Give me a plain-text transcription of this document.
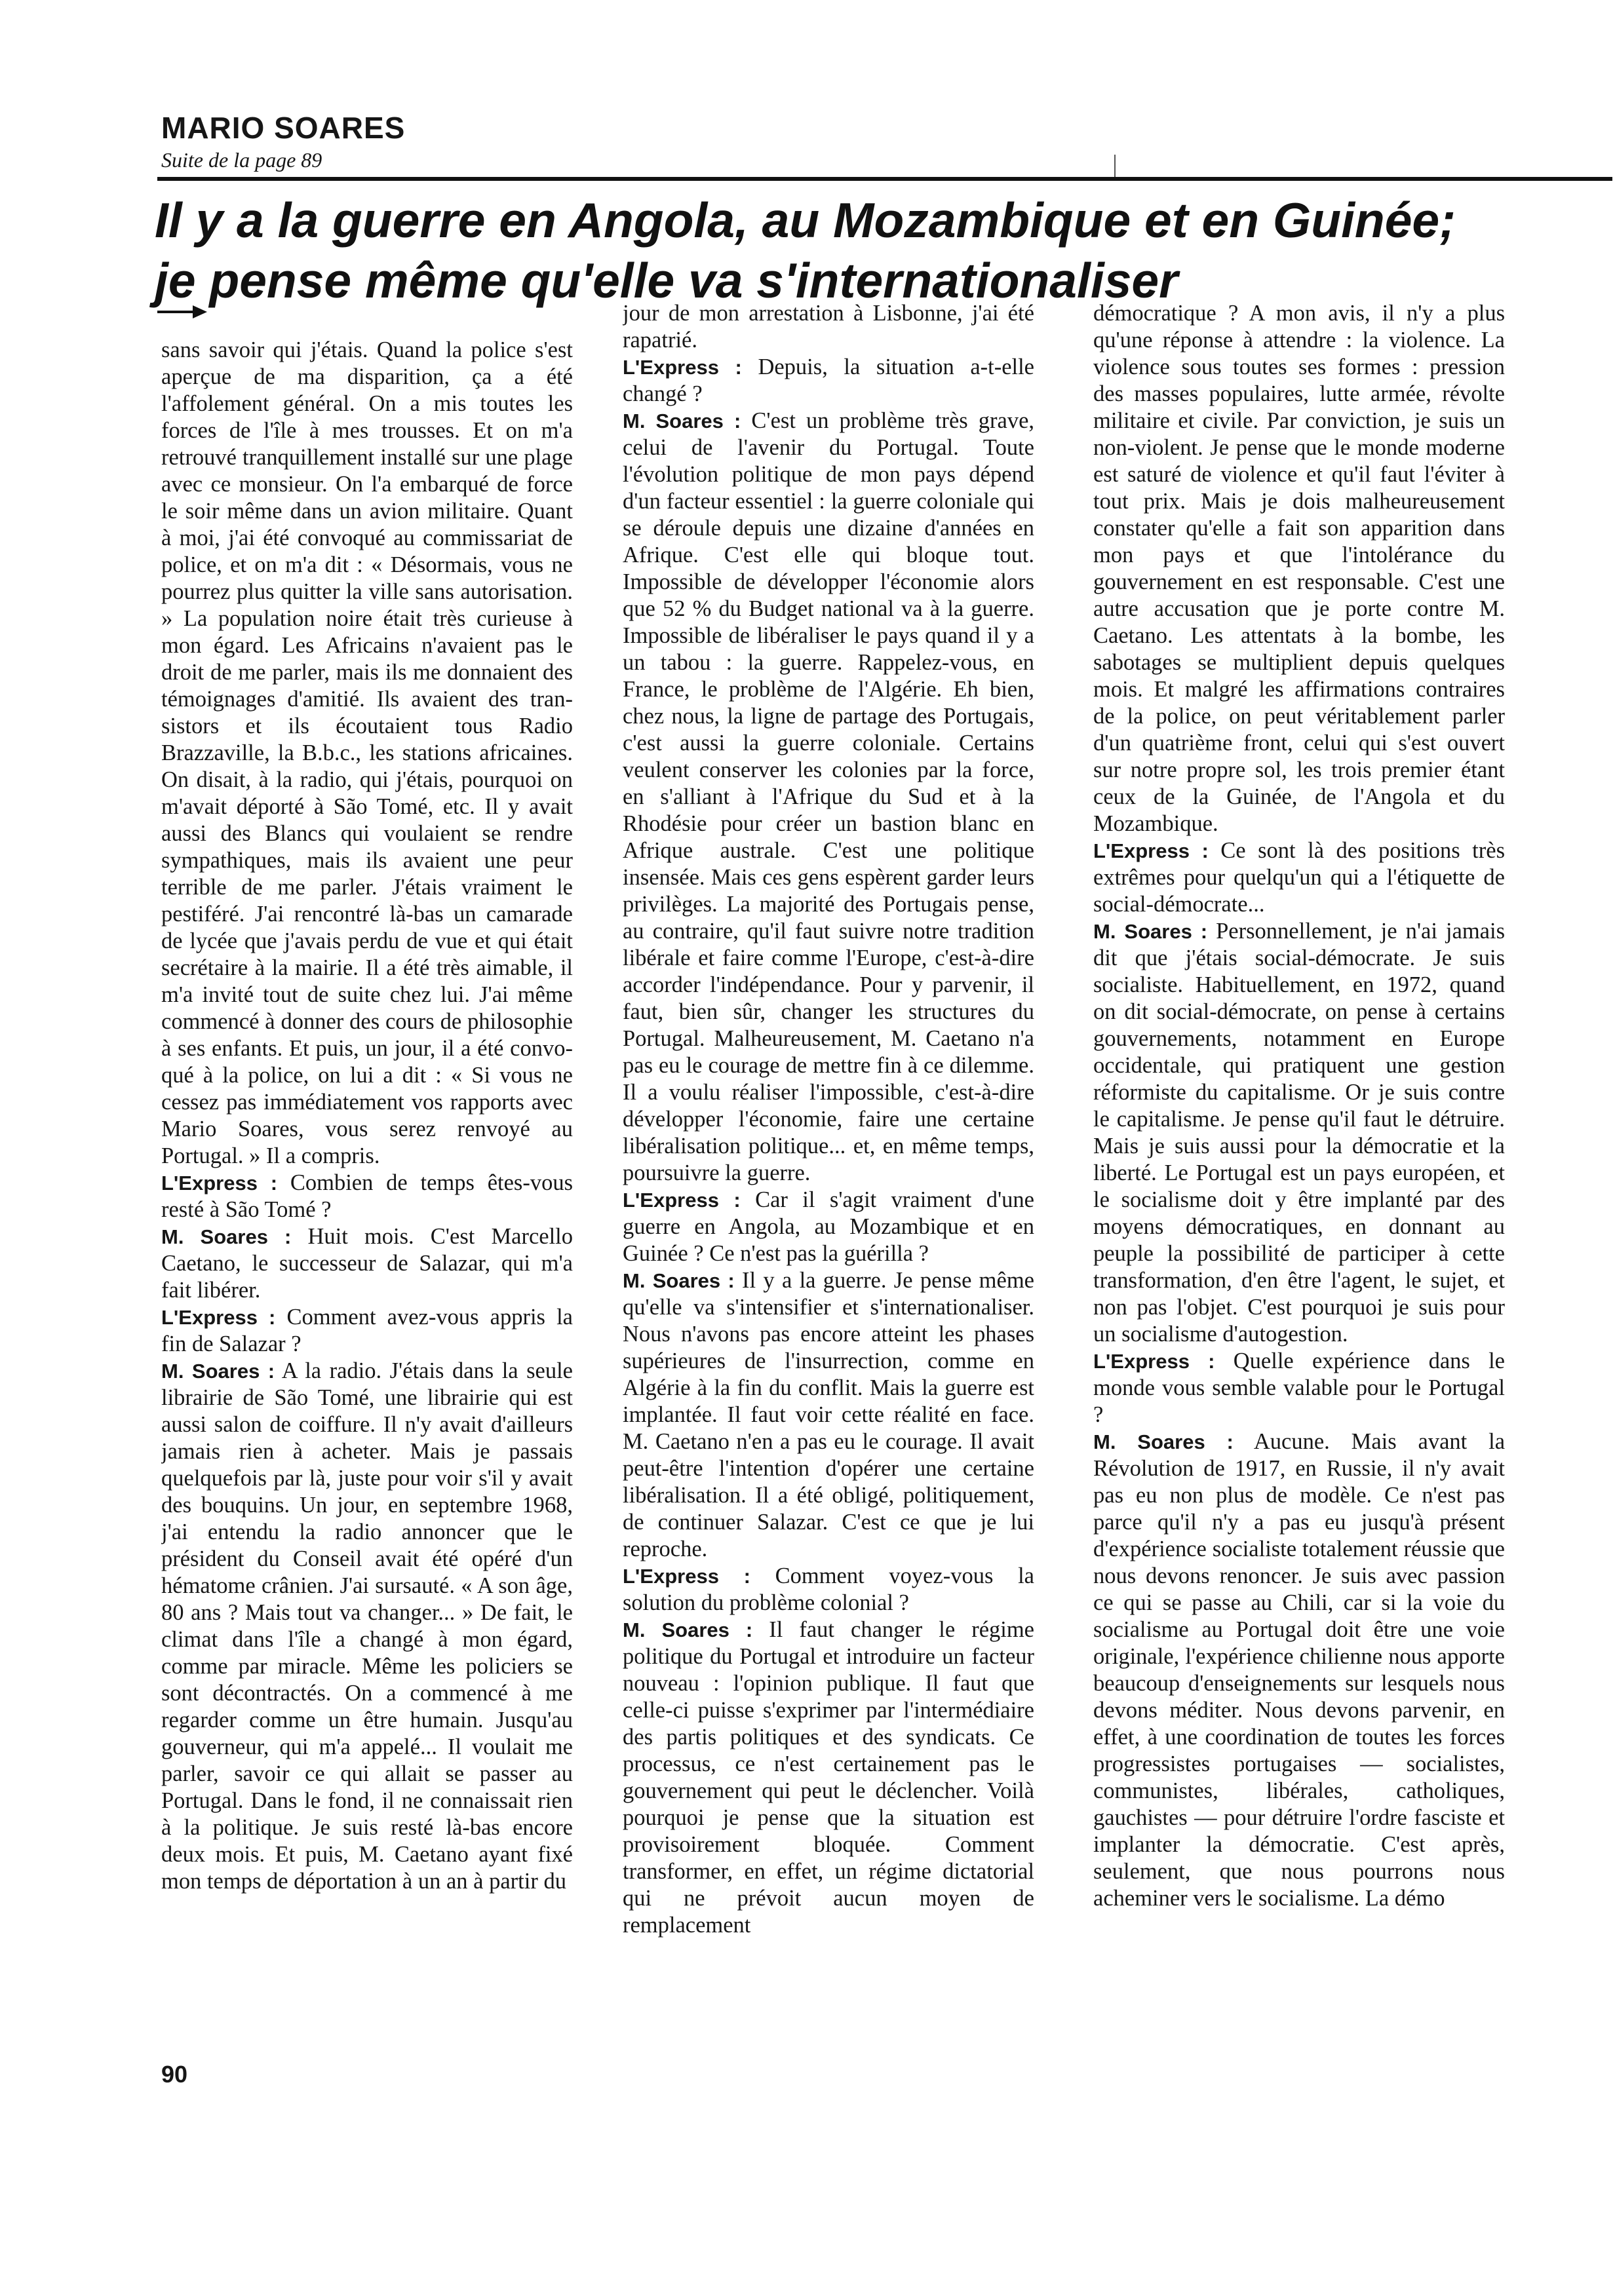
MARIO SOARES
Suite de la page 89
Il y a la guerre en Angola, au Mozambique et en Guinée;
je pense même qu'elle va s'internationaliser

sans savoir qui j'étais. Quand la police s'est aperçue de ma disparition, ça a été l'affolement général. On a mis toutes les forces de l'île à mes trousses. Et on m'a retrouvé tranquillement installé sur une plage avec ce monsieur. On l'a embarqué de force le soir même dans un avion militaire. Quant à moi, j'ai été convoqué au commissariat de police, et on m'a dit : « Désormais, vous ne pourrez plus quitter la ville sans autorisation. » La population noire était très curieuse à mon égard. Les Africains n'avaient pas le droit de me parler, mais ils me donnaient des témoignages d'amitié. Ils avaient des transistors et ils écoutaient tous Radio Brazzaville, la B.b.c., les stations africaines. On disait, à la radio, qui j'étais, pourquoi on m'avait déporté à São Tomé, etc. Il y avait aussi des Blancs qui voulaient se rendre sympathiques, mais ils avaient une peur terrible de me parler. J'étais vraiment le pestiféré. J'ai rencontré là-bas un camarade de lycée que j'avais perdu de vue et qui était secrétaire à la mairie. Il a été très aimable, il m'a invité tout de suite chez lui. J'ai même commencé à donner des cours de philosophie à ses enfants. Et puis, un jour, il a été convoqué à la police, on lui a dit : « Si vous ne cessez pas immédiatement vos rapports avec Mario Soares, vous serez renvoyé au Portugal. » Il a compris.

L'Express : Combien de temps êtes-vous resté à São Tomé ?

M. Soares : Huit mois. C'est Marcello Caetano, le successeur de Salazar, qui m'a fait libérer.

L'Express : Comment avez-vous appris la fin de Salazar ?

M. Soares : A la radio. J'étais dans la seule librairie de São Tomé, une librairie qui est aussi salon de coiffure. Il n'y avait d'ailleurs jamais rien à acheter. Mais je passais quelquefois par là, juste pour voir s'il y avait des bouquins. Un jour, en septembre 1968, j'ai entendu la radio annoncer que le président du Conseil avait été opéré d'un hématome crânien. J'ai sursauté. « A son âge, 80 ans ? Mais tout va changer... » De fait, le climat dans l'île a changé à mon égard, comme par miracle. Même les policiers se sont décontractés. On a commencé à me regarder comme un être humain. Jusqu'au gouverneur, qui m'a appelé... Il voulait me parler, savoir ce qui allait se passer au Portugal. Dans le fond, il ne connaissait rien à la politique. Je suis resté là-bas encore deux mois. Et puis, M. Caetano ayant fixé mon temps de déportation à un an à partir du

jour de mon arrestation à Lisbonne, j'ai été rapatrié.

L'Express : Depuis, la situation a-t-elle changé ?

M. Soares : C'est un problème très grave, celui de l'avenir du Portugal. Toute l'évolution politique de mon pays dépend d'un facteur essentiel : la guerre coloniale qui se déroule depuis une dizaine d'années en Afrique. C'est elle qui bloque tout. Impossible de développer l'économie alors que 52 % du Budget national va à la guerre. Impossible de libéraliser le pays quand il y a un tabou : la guerre. Rappelez-vous, en France, le problème de l'Algérie. Eh bien, chez nous, la ligne de partage des Portugais, c'est aussi la guerre coloniale. Certains veulent conserver les colonies par la force, en s'alliant à l'Afrique du Sud et à la Rhodésie pour créer un bastion blanc en Afrique australe. C'est une politique insensée. Mais ces gens espèrent garder leurs privilèges. La majorité des Portugais pense, au contraire, qu'il faut suivre notre tradition libérale et faire comme l'Europe, c'est-à-dire accorder l'indépendance. Pour y parvenir, il faut, bien sûr, changer les structures du Portugal. Malheureusement, M. Caetano n'a pas eu le courage de mettre fin à ce dilemme. Il a voulu réaliser l'impossible, c'est-à-dire développer l'économie, faire une certaine libéralisation politique... et, en même temps, poursuivre la guerre.

L'Express : Car il s'agit vraiment d'une guerre en Angola, au Mozambique et en Guinée ? Ce n'est pas la guérilla ?

M. Soares : Il y a la guerre. Je pense même qu'elle va s'intensifier et s'internationaliser. Nous n'avons pas encore atteint les phases supérieures de l'insurrection, comme en Algérie à la fin du conflit. Mais la guerre est implantée. Il faut voir cette réalité en face. M. Caetano n'en a pas eu le courage. Il avait peut-être l'intention d'opérer une certaine libéralisation. Il a été obligé, politiquement, de continuer Salazar. C'est ce que je lui reproche.

L'Express : Comment voyez-vous la solution du problème colonial ?

M. Soares : Il faut changer le régime politique du Portugal et introduire un facteur nouveau : l'opinion publique. Il faut que celle-ci puisse s'exprimer par l'intermédiaire des partis politiques et des syndicats. Ce processus, ce n'est certainement pas le gouvernement qui peut le déclencher. Voilà pourquoi je pense que la situation est provisoirement bloquée. Comment transformer, en effet, un régime dictatorial qui ne prévoit aucun moyen de remplacement

démocratique ? A mon avis, il n'y a plus qu'une réponse à attendre : la violence. La violence sous toutes ses formes : pression des masses populaires, lutte armée, révolte militaire et civile. Par conviction, je suis un non-violent. Je pense que le monde moderne est saturé de violence et qu'il faut l'éviter à tout prix. Mais je dois malheureusement constater qu'elle a fait son apparition dans mon pays et que l'intolérance du gouvernement en est responsable. C'est une autre accusation que je porte contre M. Caetano. Les attentats à la bombe, les sabotages se multiplient depuis quelques mois. Et malgré les affirmations contraires de la police, on peut véritablement parler d'un quatrième front, celui qui s'est ouvert sur notre propre sol, les trois premier étant ceux de la Guinée, de l'Angola et du Mozambique.

L'Express : Ce sont là des positions très extrêmes pour quelqu'un qui a l'étiquette de social-démocrate...

M. Soares : Personnellement, je n'ai jamais dit que j'étais social-démocrate. Je suis socialiste. Habituellement, en 1972, quand on dit social-démocrate, on pense à certains gouvernements, notamment en Europe occidentale, qui pratiquent une gestion réformiste du capitalisme. Or je suis contre le capitalisme. Je pense qu'il faut le détruire. Mais je suis aussi pour la démocratie et la liberté. Le Portugal est un pays européen, et le socialisme doit y être implanté par des moyens démocratiques, en donnant au peuple la possibilité de participer à cette transformation, d'en être l'agent, le sujet, et non pas l'objet. C'est pourquoi je suis pour un socialisme d'autogestion.

L'Express : Quelle expérience dans le monde vous semble valable pour le Portugal ?

M. Soares : Aucune. Mais avant la Révolution de 1917, en Russie, il n'y avait pas eu non plus de modèle. Ce n'est pas parce qu'il n'y a pas eu jusqu'à présent d'expérience socialiste totalement réussie que nous devons renoncer. Je suis avec passion ce qui se passe au Chili, car si la voie du socialisme au Portugal doit être une voie originale, l'expérience chilienne nous apporte beaucoup d'enseignements sur lesquels nous devons méditer. Nous devons parvenir, en effet, à une coordination de toutes les forces progressistes portugaises — socialistes, communistes, libérales, catholiques, gauchistes — pour détruire l'ordre fasciste et implanter la démocratie. C'est après, seulement, que nous pourrons nous acheminer vers le socialisme. La démo

90
